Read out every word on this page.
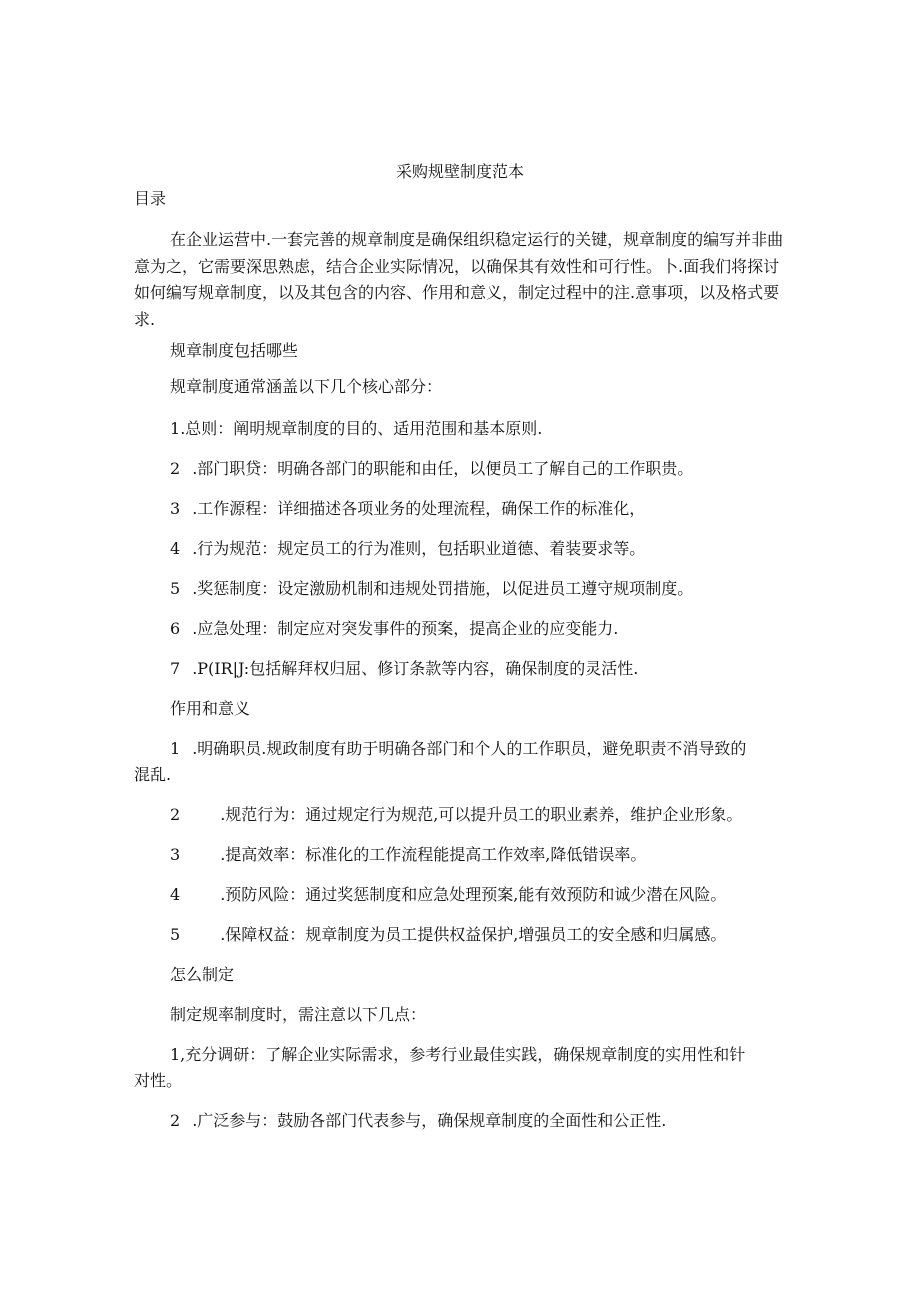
采购规壁制度范本
目录

在企业运营中.一套完善的规章制度是确保组织稳定运行的关键，规章制度的编写并非曲意为之，它需要深思熟虑，结合企业实际情况，以确保其有效性和可行性。卜.面我们将探讨如何编写规章制度，以及其包含的内容、作用和意义，制定过程中的注.意事项，以及格式要求.

规章制度包括哪些

规章制度通常涵盖以下几个核心部分：

1.总则：阐明规章制度的目的、适用范围和基本原则.

2 .部门职贷：明确各部门的职能和由任，以便员工了解自己的工作职贵。

3 .工作源程：详细描述各项业务的处理流程，确保工作的标准化，

4 .行为规范：规定员工的行为准则，包括职业道德、着装要求等。

5 .奖惩制度：设定激励机制和违规处罚措施，以促进员工遵守规项制度。

6 .应急处理：制定应对突发事件的预案，提高企业的应变能力.

7 .P(IR|J:包括解拜权归屈、修订条款等内容，确保制度的灵活性.

作用和意义

1 .明确职员.规政制度有助于明确各部门和个人的工作职员，避免职责不消导致的

混乱.

2	.规范行为：通过规定行为规范,可以提升员工的职业素养，维护企业形象。

3	.提高效率：标准化的工作流程能提高工作效率,降低错误率。

4	.预防风险：通过奖惩制度和应急处理预案,能有效预防和诚少潜在风险。

5	.保障权益：规章制度为员工提供权益保护,增强员工的安全感和归属感。

怎么制定

制定规率制度时，需注意以下几点：

1,充分调研：了解企业实际需求，参考行业最佳实践，确保规章制度的实用性和针

对性。

2 .广泛参与：鼓励各部门代表参与，确保规章制度的全面性和公正性.
